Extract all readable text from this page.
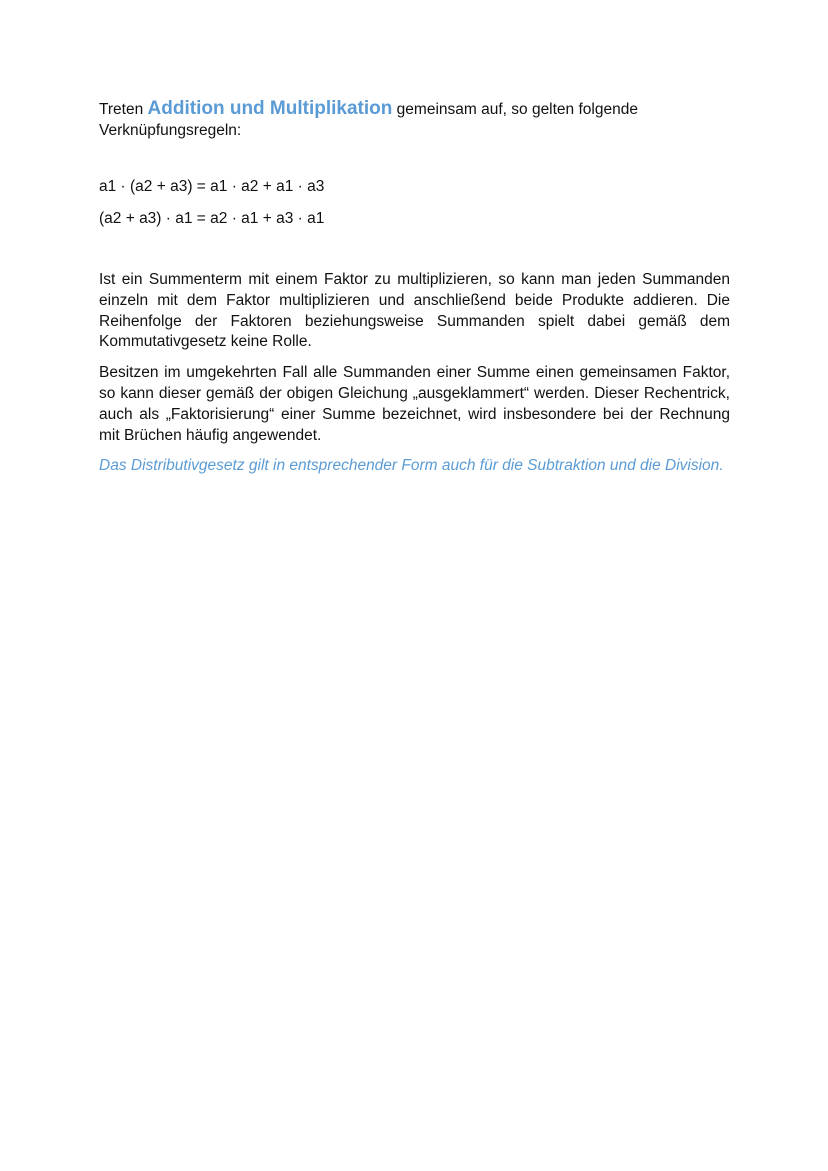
Treten Addition und Multiplikation gemeinsam auf, so gelten folgende Verknüpfungsregeln:

a1 · (a2 + a3) = a1 · a2 + a1 · a3

(a2 + a3) · a1 = a2 · a1 + a3 · a1

Ist ein Summenterm mit einem Faktor zu multiplizieren, so kann man jeden Summanden einzeln mit dem Faktor multiplizieren und anschließend beide Produkte addieren. Die Reihenfolge der Faktoren beziehungsweise Summanden spielt dabei gemäß dem Kommutativgesetz keine Rolle.

Besitzen im umgekehrten Fall alle Summanden einer Summe einen gemeinsamen Faktor, so kann dieser gemäß der obigen Gleichung „ausgeklammert“ werden. Dieser Rechentrick, auch als „Faktorisierung“ einer Summe bezeichnet, wird insbesondere bei der Rechnung mit Brüchen häufig angewendet.

Das Distributivgesetz gilt in entsprechender Form auch für die Subtraktion und die Division.
